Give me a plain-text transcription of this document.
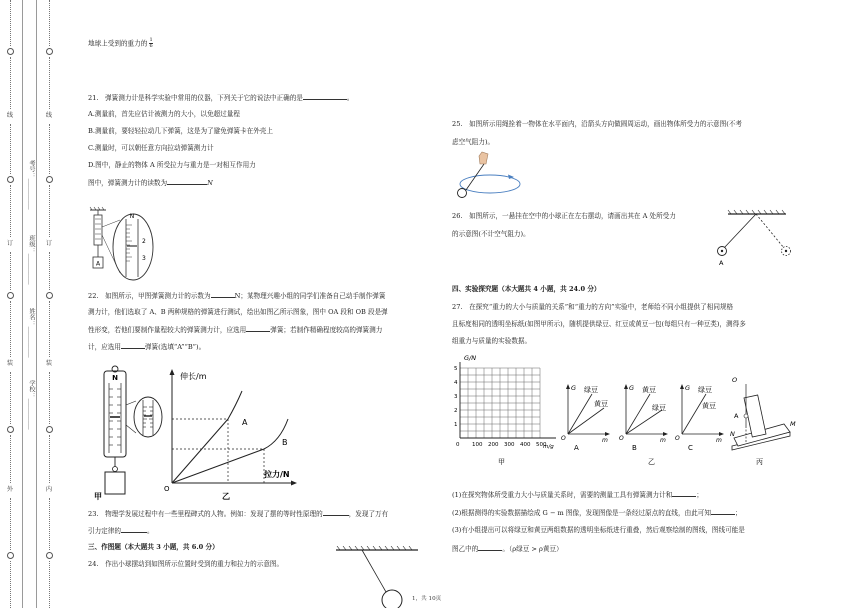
线
订
装
外
学校：__________
姓名：__________
班级：__________
考号：__________
线
订
装
内
地球上受到的重力的 $\frac{1}{6}$
21.　弹簧测力计是科学实验中常用的仪器，下列关于它的说法中正确的是	。
A.测量前，首先应估计被测力的大小，以免超过量程
B.测量前，要轻轻拉动几下弹簧，这是为了避免弹簧卡在外壳上
C.测量时，可以朝任意方向拉动弹簧测力计
D.图中，静止的物体 A 所受拉力与重力是一对相互作用力
图中，弹簧测力计的读数为	N
A
N
2
3
22.　如图所示，甲图弹簧测力计的示数为	N；某物理兴趣小组的同学们准备自己动手制作弹簧
测力计，他们选取了 A、B 两种规格的弹簧进行测试，绘出如图乙所示图象，图中 OA 段和 OB 段是弹
性形变，若他们要制作量程较大的弹簧测力计，应选用	弹簧；若制作精确程度较高的弹簧测力
计，应选用	弹簧(选填“A”“B”)。
N
甲
伸长/m
拉力/N
O
A
B
乙
23.　物理学发展过程中有一些里程碑式的人物。例如：发现了摆的等时性原理的	，发现了万有
引力定律的	。
三、作图题（本大题共 3 小题，共 6.0 分）
24.　作出小球摆动到如图所示位置时受到的重力和拉力的示意图。
25.　如图所示用绳拴着一物体在水平面内，沿箭头方向做圆周运动，画出物体所受力的示意图(不考
虑空气阻力)。
26.　如图所示，一悬挂在空中的小球正在左右摆动，请画出其在 A 处所受力
的示意图(不计空气阻力)。
A
四、实验探究题（本大题共 4 小题，共 24.0 分）
27.　在探究“重力的大小与质量的关系”和“重力的方向”实验中，老师给不同小组提供了相同规格
且标度相同的透明坐标纸(如图甲所示)，随机提供绿豆、红豆或黄豆一包(每组只有一种豆类)，测得多
组重力与质量的实验数据。
G/N
1
2
3
4
5
0 100 200 300 400 500
m/g
甲
G
m
O
绿豆
黄豆
A
G
m
O
黄豆
绿豆
B
G
m
O
绿豆
黄豆
C
乙
O
A
N
M
丙
(1)在探究物体所受重力大小与质量关系时，需要的测量工具有弹簧测力计和	；
(2)根据测得的实验数据描绘成 G − m 图像，发现图像是一条经过原点的直线，由此可知	；
(3)有小组提出可以将绿豆和黄豆两组数据的透明坐标纸进行重叠，然后观察绘制的图线，图线可能是
图乙中的	。（ρ绿豆 > ρ黄豆）
1，共 10页
